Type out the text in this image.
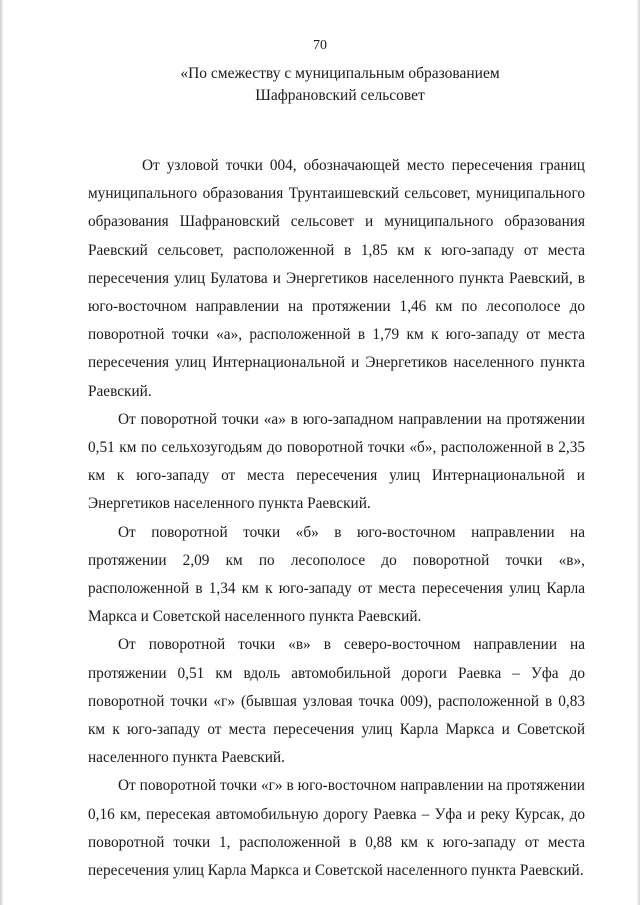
70
«По смежеству с муниципальным образованием
Шафрановский сельсовет

От узловой точки 004, обозначающей место пересечения границ муниципального образования Трунтаишевский сельсовет, муниципального образования Шафрановский сельсовет и муниципального образования Раевский сельсовет, расположенной в 1,85 км к юго-западу от места пересечения улиц Булатова и Энергетиков населенного пункта Раевский, в юго-восточном направлении на протяжении 1,46 км по лесополосе до поворотной точки «а», расположенной в 1,79 км к юго-западу от места пересечения улиц Интернациональной и Энергетиков населенного пункта Раевский.

От поворотной точки «а» в юго-западном направлении на протяжении 0,51 км по сельхозугодьям до поворотной точки «б», расположенной в 2,35 км к юго-западу от места пересечения улиц Интернациональной и Энергетиков населенного пункта Раевский.

От поворотной точки «б» в юго-восточном направлении на протяжении 2,09 км по лесополосе до поворотной точки «в», расположенной в 1,34 км к юго-западу от места пересечения улиц Карла Маркса и Советской населенного пункта Раевский.

От поворотной точки «в» в северо-восточном направлении на протяжении 0,51 км вдоль автомобильной дороги Раевка – Уфа до поворотной точки «г» (бывшая узловая точка 009), расположенной в 0,83 км к юго-западу от места пересечения улиц Карла Маркса и Советской населенного пункта Раевский.

От поворотной точки «г» в юго-восточном направлении на протяжении 0,16 км, пересекая автомобильную дорогу Раевка – Уфа и реку Курсак, до поворотной точки 1, расположенной в 0,88 км к юго-западу от места пересечения улиц Карла Маркса и Советской населенного пункта Раевский.
